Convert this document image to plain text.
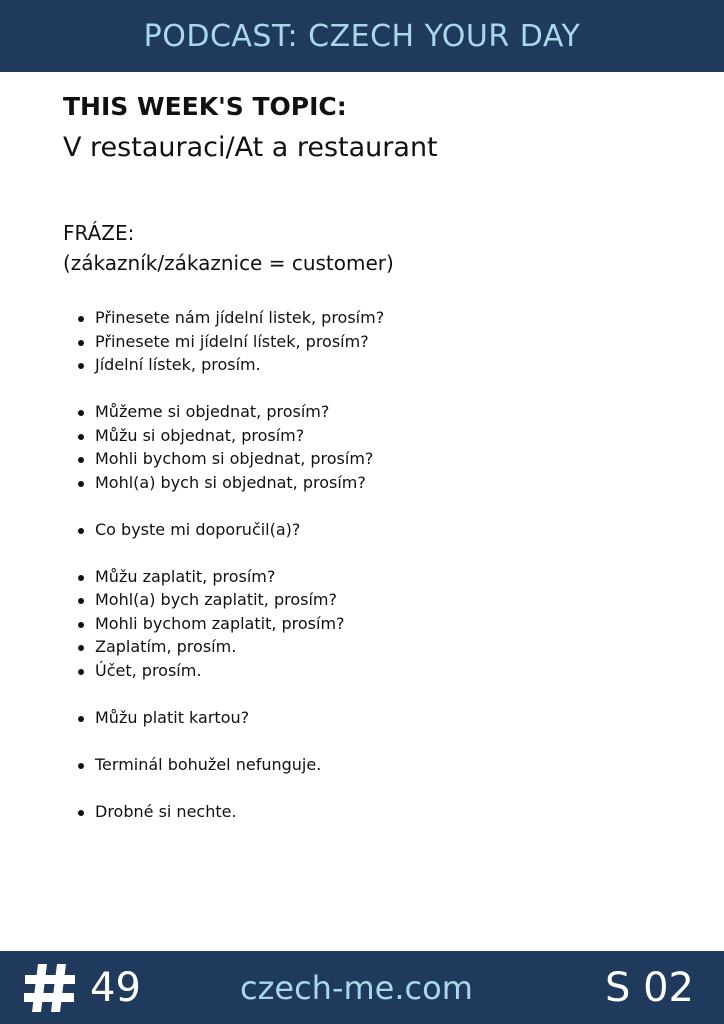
PODCAST: CZECH YOUR DAY
THIS WEEK'S TOPIC:
V restauraci/At a restaurant
FRÁZE:
(zákazník/zákaznice = customer)
Přinesete nám jídelní listek, prosím?
Přinesete mi jídelní lístek, prosím?
Jídelní lístek, prosím.
Můžeme si objednat, prosím?
Můžu si objednat, prosím?
Mohli bychom si objednat, prosím?
Mohl(a) bych si objednat, prosím?
Co byste mi doporučil(a)?
Můžu zaplatit, prosím?
Mohl(a) bych zaplatit, prosím?
Mohli bychom zaplatit, prosím?
Zaplatím, prosím.
Účet, prosím.
Můžu platit kartou?
Terminál bohužel nefunguje.
Drobné si nechte.
49	czech-me.com	S 02
